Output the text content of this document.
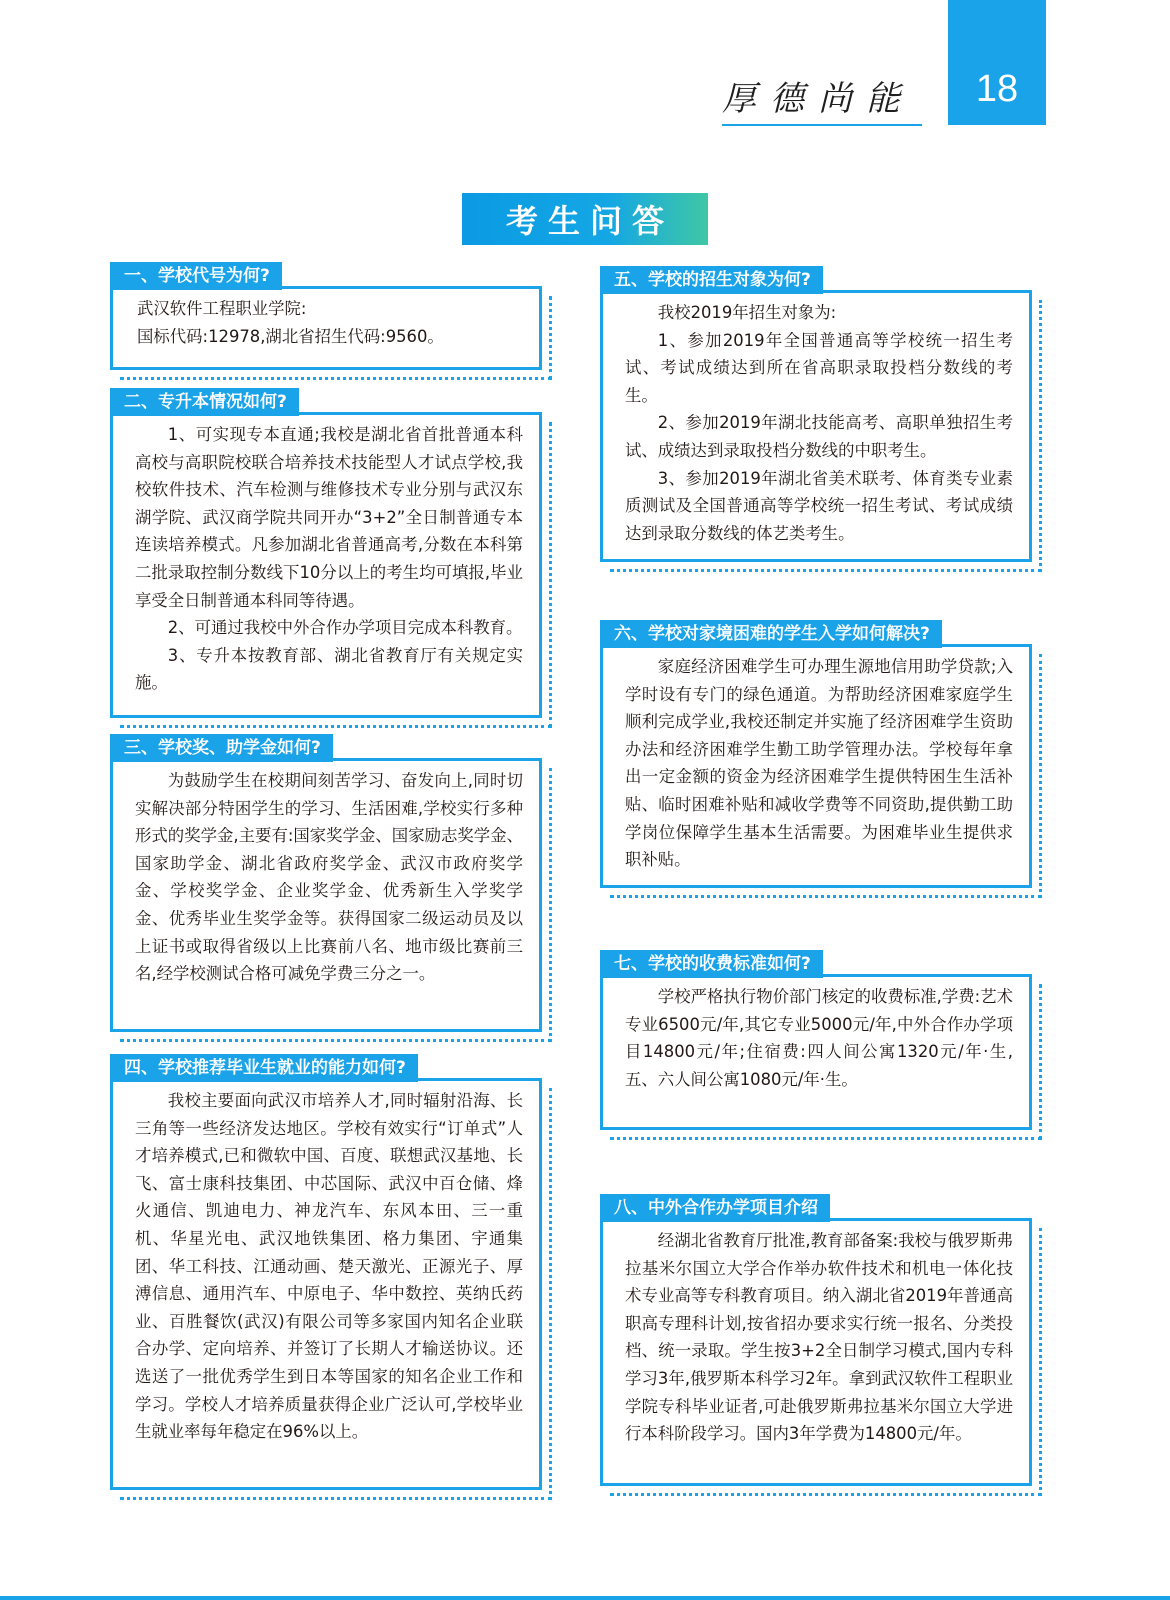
18
厚德尚能
考生问答
一、学校代号为何?

武汉软件工程职业学院:

国标代码:12978,湖北省招生代码:9560。

二、专升本情况如何?

1、可实现专本直通;我校是湖北省首批普通本科高校与高职院校联合培养技术技能型人才试点学校,我校软件技术、汽车检测与维修技术专业分别与武汉东湖学院、武汉商学院共同开办“3+2”全日制普通专本连读培养模式。凡参加湖北省普通高考,分数在本科第二批录取控制分数线下10分以上的考生均可填报,毕业享受全日制普通本科同等待遇。

2、可通过我校中外合作办学项目完成本科教育。

3、专升本按教育部、湖北省教育厅有关规定实施。

三、学校奖、助学金如何?

为鼓励学生在校期间刻苦学习、奋发向上,同时切实解决部分特困学生的学习、生活困难,学校实行多种形式的奖学金,主要有:国家奖学金、国家励志奖学金、国家助学金、湖北省政府奖学金、武汉市政府奖学金、学校奖学金、企业奖学金、优秀新生入学奖学金、优秀毕业生奖学金等。获得国家二级运动员及以上证书或取得省级以上比赛前八名、地市级比赛前三名,经学校测试合格可减免学费三分之一。

四、学校推荐毕业生就业的能力如何?

我校主要面向武汉市培养人才,同时辐射沿海、长三角等一些经济发达地区。学校有效实行“订单式”人才培养模式,已和微软中国、百度、联想武汉基地、长飞、富士康科技集团、中芯国际、武汉中百仓储、烽火通信、凯迪电力、神龙汽车、东风本田、三一重机、华星光电、武汉地铁集团、格力集团、宇通集团、华工科技、江通动画、楚天激光、正源光子、厚溥信息、通用汽车、中原电子、华中数控、英纳氏药业、百胜餐饮(武汉)有限公司等多家国内知名企业联合办学、定向培养、并签订了长期人才输送协议。还选送了一批优秀学生到日本等国家的知名企业工作和学习。学校人才培养质量获得企业广泛认可,学校毕业生就业率每年稳定在96%以上。

五、学校的招生对象为何?

我校2019年招生对象为:

1、参加2019年全国普通高等学校统一招生考试、考试成绩达到所在省高职录取投档分数线的考生。

2、参加2019年湖北技能高考、高职单独招生考试、成绩达到录取投档分数线的中职考生。

3、参加2019年湖北省美术联考、体育类专业素质测试及全国普通高等学校统一招生考试、考试成绩达到录取分数线的体艺类考生。

六、学校对家境困难的学生入学如何解决?

家庭经济困难学生可办理生源地信用助学贷款;入学时设有专门的绿色通道。为帮助经济困难家庭学生顺利完成学业,我校还制定并实施了经济困难学生资助办法和经济困难学生勤工助学管理办法。学校每年拿出一定金额的资金为经济困难学生提供特困生生活补贴、临时困难补贴和减收学费等不同资助,提供勤工助学岗位保障学生基本生活需要。为困难毕业生提供求职补贴。

七、学校的收费标准如何?

学校严格执行物价部门核定的收费标准,学费:艺术专业6500元/年,其它专业5000元/年,中外合作办学项目14800元/年;住宿费:四人间公寓1320元/年·生,五、六人间公寓1080元/年·生。

八、中外合作办学项目介绍

经湖北省教育厅批准,教育部备案:我校与俄罗斯弗拉基米尔国立大学合作举办软件技术和机电一体化技术专业高等专科教育项目。纳入湖北省2019年普通高职高专理科计划,按省招办要求实行统一报名、分类投档、统一录取。学生按3+2全日制学习模式,国内专科学习3年,俄罗斯本科学习2年。拿到武汉软件工程职业学院专科毕业证者,可赴俄罗斯弗拉基米尔国立大学进行本科阶段学习。国内3年学费为14800元/年。
